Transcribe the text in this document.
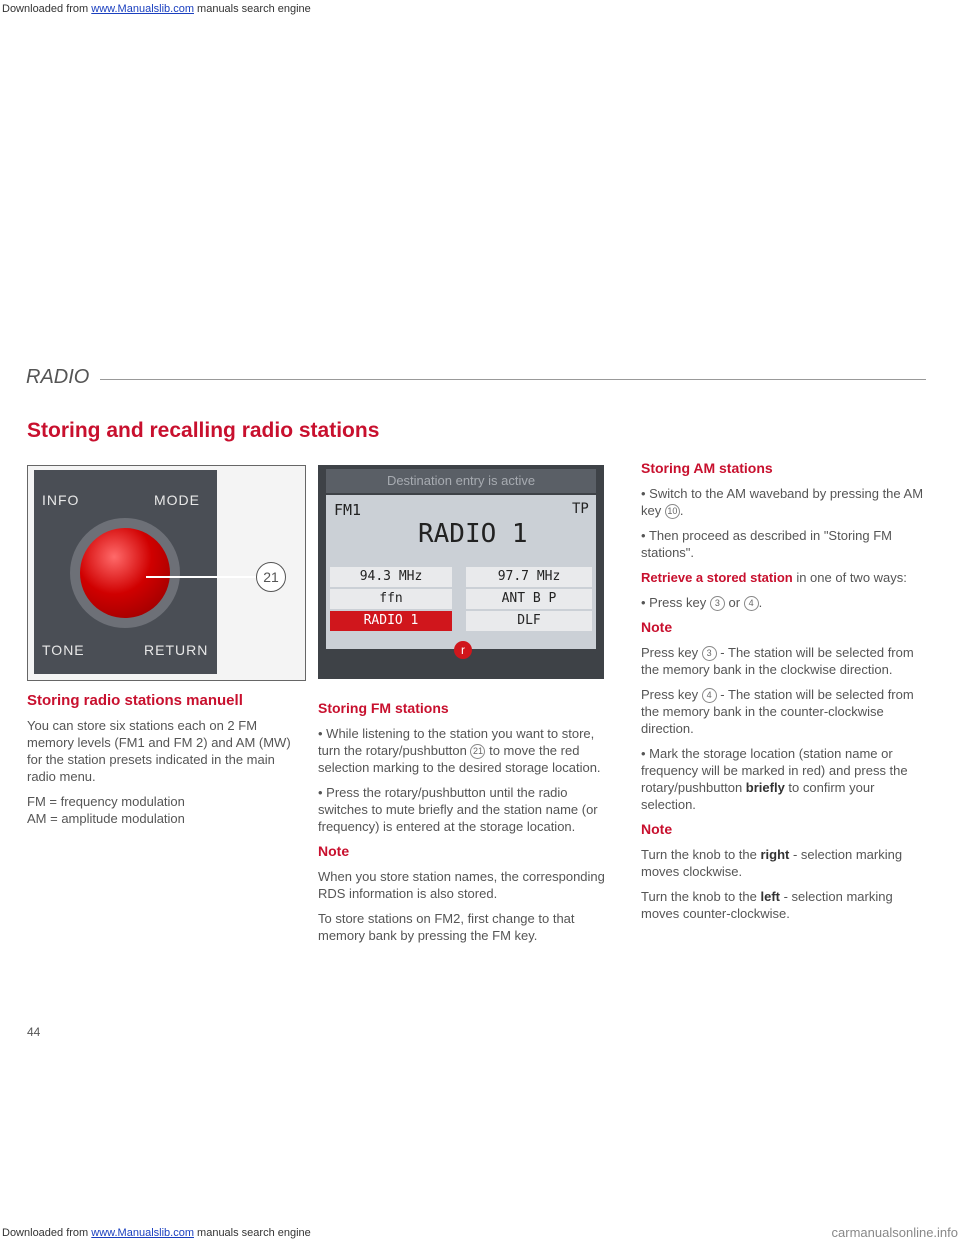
Downloaded from www.Manualslib.com manuals search engine
RADIO
Storing and recalling radio stations
INFO	MODE
TONE	RETURN
21
Destination entry is active
FM1	TP
RADIO 1
94.3 MHz	97.7 MHz
ffn	ANT B P
RADIO 1	DLF
r

Storing radio stations manuell

You can store six stations each on 2 FM memory levels (FM1 and FM 2) and AM (MW) for the station presets indicated in the main radio menu.

FM = frequency modulation

AM = amplitude modulation

Storing FM stations

• While listening to the station you want to store, turn the rotary/pushbutton 21 to move the red selection marking to the desired storage location.

• Press the rotary/pushbutton until the radio switches to mute briefly and the station name (or frequency) is entered at the storage location.

Note

When you store station names, the corresponding RDS information is also stored.

To store stations on FM2, first change to that memory bank by pressing the FM key.

Storing AM stations

• Switch to the AM waveband by pressing the AM key 10 .

• Then proceed as described in "Storing FM stations".

Retrieve a stored station in one of two ways:

• Press key 3 or 4 .

Note

Press key 3 - The station will be selected from the memory bank in the clockwise direction.

Press key 4 - The station will be selected from the memory bank in the counter-clockwise direction.

• Mark the storage location (station name or frequency will be marked in red) and press the rotary/pushbutton briefly to confirm your selection.

Note

Turn the knob to the right - selection marking moves clockwise.

Turn the knob to the left - selection marking moves counter-clockwise.

44
Downloaded from www.Manualslib.com manuals search engine	carmanualsonline.info
